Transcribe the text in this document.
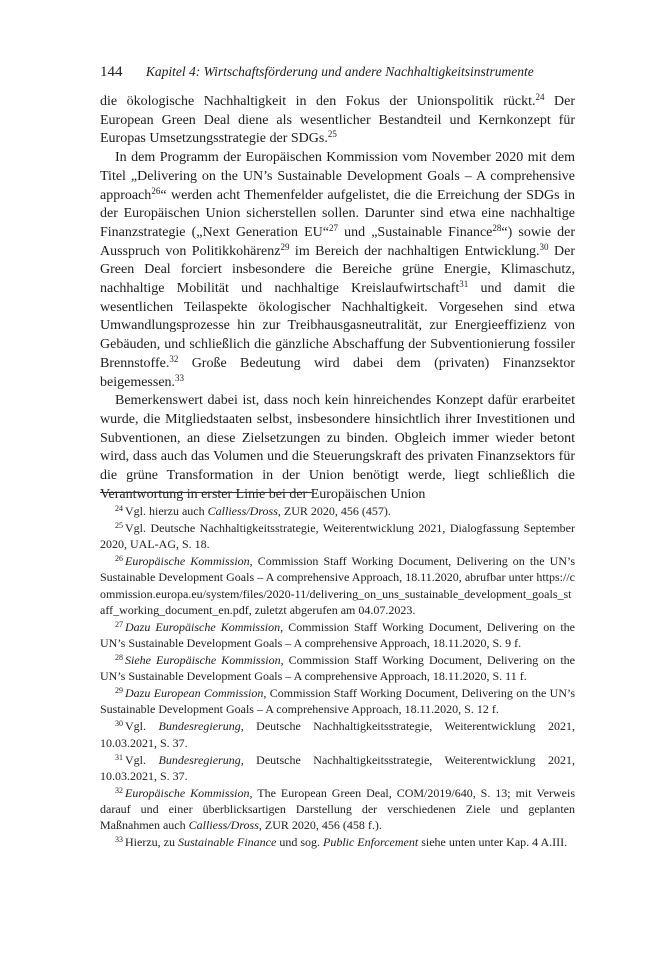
144 Kapitel 4: Wirtschaftsförderung und andere Nachhaltigkeitsinstrumente

die ökologische Nachhaltigkeit in den Fokus der Unionspolitik rückt.$^{24}$ Der European Green Deal diene als wesentlicher Bestandteil und Kernkonzept für Europas Umsetzungsstrategie der SDGs.$^{25}$

In dem Programm der Europäischen Kommission vom November 2020 mit dem Titel „Delivering on the UN’s Sustainable Development Goals – A comprehensive approach$^{26}$“ werden acht Themenfelder aufgelistet, die die Erreichung der SDGs in der Europäischen Union sicherstellen sollen. Darunter sind etwa eine nachhaltige Finanzstrategie („Next Generation EU“$^{27}$ und „Sustainable Finance$^{28}$“) sowie der Ausspruch von Politikkohärenz$^{29}$ im Bereich der nachhaltigen Entwicklung.$^{30}$ Der Green Deal forciert insbesondere die Bereiche grüne Energie, Klimaschutz, nachhaltige Mobilität und nachhaltige Kreislaufwirtschaft$^{31}$ und damit die wesentlichen Teilaspekte ökologischer Nachhaltigkeit. Vorgesehen sind etwa Umwandlungsprozesse hin zur Treibhausgasneutralität, zur Energieeffizienz von Gebäuden, und schließlich die gänzliche Abschaffung der Subventionierung fossiler Brennstoffe.$^{32}$ Große Bedeutung wird dabei dem (privaten) Finanzsektor beigemessen.$^{33}$

Bemerkenswert dabei ist, dass noch kein hinreichendes Konzept dafür erarbeitet wurde, die Mitgliedstaaten selbst, insbesondere hinsichtlich ihrer Investitionen und Subventionen, an diese Zielsetzungen zu binden. Obgleich immer wieder betont wird, dass auch das Volumen und die Steuerungskraft des privaten Finanzsektors für die grüne Transformation in der Union benötigt werde, liegt schließlich die Verantwortung in erster Linie bei der Europäischen Union

$^{24}$ Vgl. hierzu auch Calliess/Dross, ZUR 2020, 456 (457).

$^{25}$ Vgl. Deutsche Nachhaltigkeitsstrategie, Weiterentwicklung 2021, Dialogfassung September 2020, UAL-AG, S. 18.

$^{26}$ Europäische Kommission, Commission Staff Working Document, Delivering on the UN’s Sustainable Development Goals – A comprehensive Approach, 18.11.2020, abrufbar unter https://commission.europa.eu/system/files/2020-11/delivering_on_uns_sustainable_development_goals_staff_working_document_en.pdf, zuletzt abgerufen am 04.07.2023.

$^{27}$ Dazu Europäische Kommission, Commission Staff Working Document, Delivering on the UN’s Sustainable Development Goals – A comprehensive Approach, 18.11.2020, S. 9 f.

$^{28}$ Siehe Europäische Kommission, Commission Staff Working Document, Delivering on the UN’s Sustainable Development Goals – A comprehensive Approach, 18.11.2020, S. 11 f.

$^{29}$ Dazu European Commission, Commission Staff Working Document, Delivering on the UN’s Sustainable Development Goals – A comprehensive Approach, 18.11.2020, S. 12 f.

$^{30}$ Vgl. Bundesregierung, Deutsche Nachhaltigkeitsstrategie, Weiterentwicklung 2021, 10.03.2021, S. 37.

$^{31}$ Vgl. Bundesregierung, Deutsche Nachhaltigkeitsstrategie, Weiterentwicklung 2021, 10.03.2021, S. 37.

$^{32}$ Europäische Kommission, The European Green Deal, COM/2019/640, S. 13; mit Verweis darauf und einer überblicksartigen Darstellung der verschiedenen Ziele und geplanten Maßnahmen auch Calliess/Dross, ZUR 2020, 456 (458 f.).

$^{33}$ Hierzu, zu Sustainable Finance und sog. Public Enforcement siehe unten unter Kap. 4 A.III.
